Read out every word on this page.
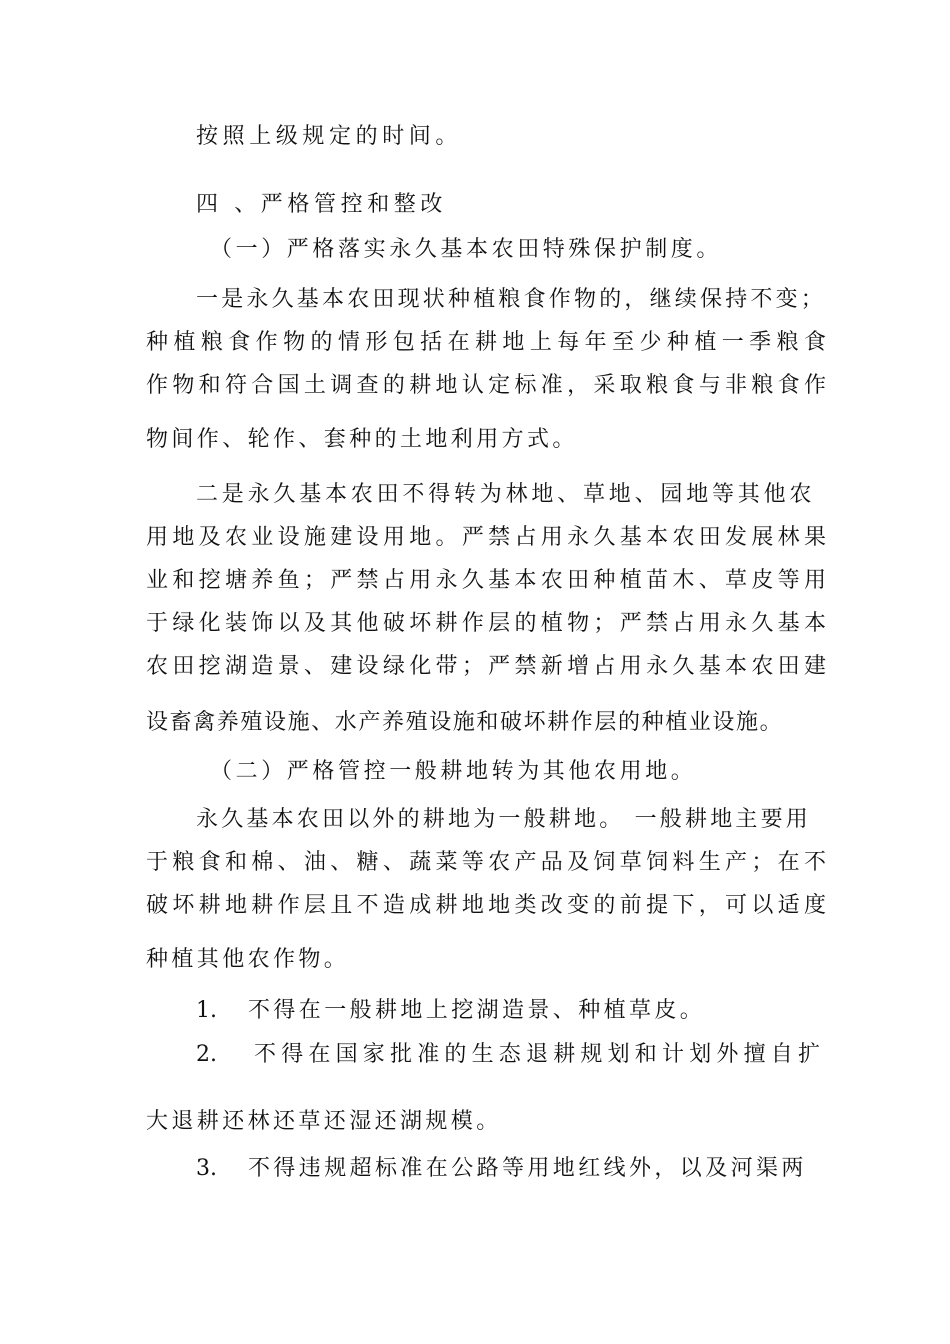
按照上级规定的时间。

四 、严格管控和整改

（一）严格落实永久基本农田特殊保护制度。

一是永久基本农田现状种植粮食作物的，继续保持不变；

种植粮食作物的情形包括在耕地上每年至少种植一季粮食

作物和符合国土调查的耕地认定标准，采取粮食与非粮食作

物间作、轮作、套种的土地利用方式。

二是永久基本农田不得转为林地、草地、园地等其他农

用地及农业设施建设用地。严禁占用永久基本农田发展林果

业和挖塘养鱼；严禁占用永久基本农田种植苗木、草皮等用

于绿化装饰以及其他破坏耕作层的植物；严禁占用永久基本

农田挖湖造景、建设绿化带；严禁新增占用永久基本农田建

设畜禽养殖设施、水产养殖设施和破坏耕作层的种植业设施。

（二）严格管控一般耕地转为其他农用地。

永久基本农田以外的耕地为一般耕地。 一般耕地主要用

于粮食和棉、油、糖、蔬菜等农产品及饲草饲料生产；在不

破坏耕地耕作层且不造成耕地地类改变的前提下，可以适度

种植其他农作物。

1. 不得在一般耕地上挖湖造景、种植草皮。

2. 不得在国家批准的生态退耕规划和计划外擅自扩

大退耕还林还草还湿还湖规模。

3. 不得违规超标准在公路等用地红线外，以及河渠两
